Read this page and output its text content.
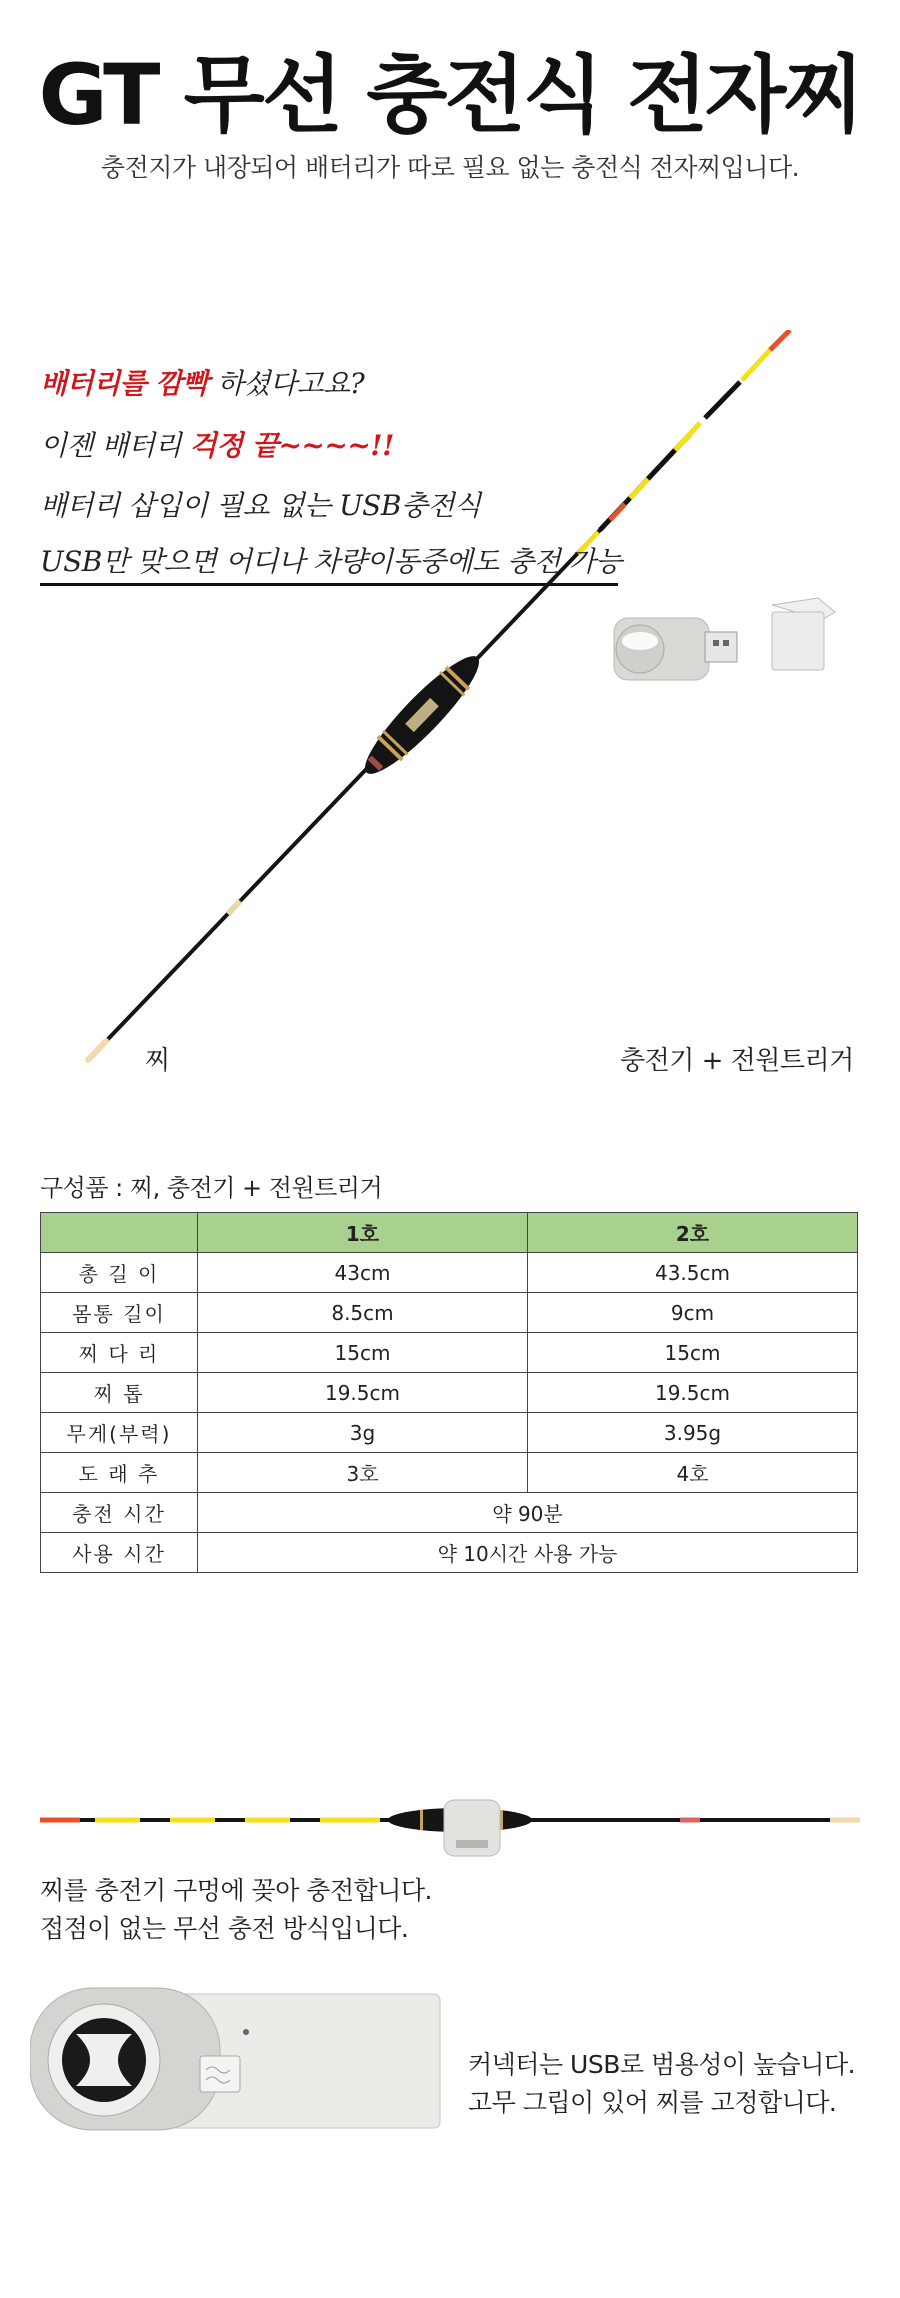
GT 무선 충전식 전자찌
충전지가 내장되어 배터리가 따로 필요 없는 충전식 전자찌입니다.
배터리를 깜빡 하셨다고요?
이젠 배터리 걱정 끝~~~~!!
배터리 삽입이 필요 없는 USB충전식
USB만 맞으면 어디나 차량이동중에도 충전 가능
찌	충전기 + 전원트리거
구성품 : 찌, 충전기 + 전원트리거
	1호	2호
총 길 이	43cm	43.5cm
몸통 길이	8.5cm	9cm
찌 다 리	15cm	15cm
찌 톱	19.5cm	19.5cm
무게(부력)	3g	3.95g
도 래 추	3호	4호
충전 시간	약 90분	
사용 시간	약 10시간 사용 가능	
찌를 충전기 구멍에 꽂아 충전합니다.
접점이 없는 무선 충전 방식입니다.
커넥터는 USB로 범용성이 높습니다.
고무 그립이 있어 찌를 고정합니다.
